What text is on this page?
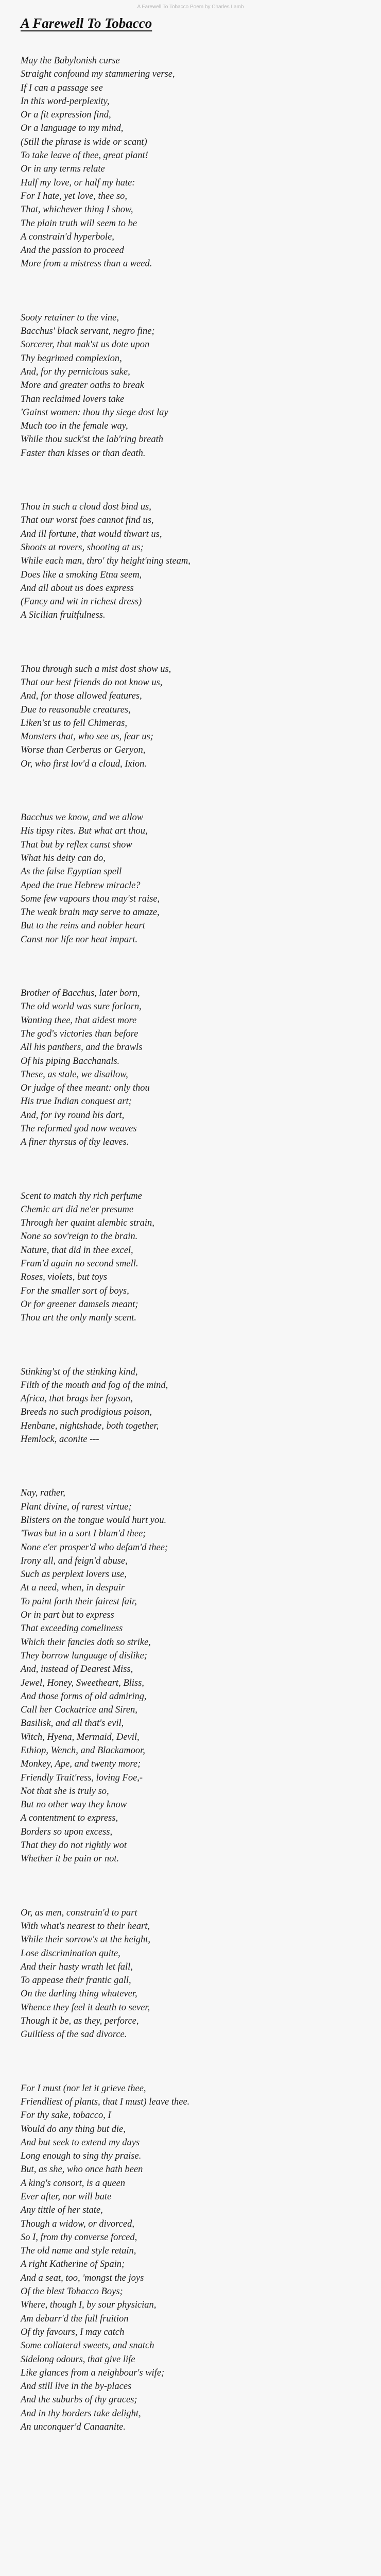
A Farewell To Tobacco Poem by Charles Lamb
A Farewell To Tobacco
May the Babylonish curse
Straight confound my stammering verse,
If I can a passage see
In this word-perplexity,
Or a fit expression find,
Or a language to my mind,
(Still the phrase is wide or scant)
To take leave of thee, great plant!
Or in any terms relate
Half my love, or half my hate:
For I hate, yet love, thee so,
That, whichever thing I show,
The plain truth will seem to be
A constrain'd hyperbole,
And the passion to proceed
More from a mistress than a weed.
Sooty retainer to the vine,
Bacchus' black servant, negro fine;
Sorcerer, that mak'st us dote upon
Thy begrimed complexion,
And, for thy pernicious sake,
More and greater oaths to break
Than reclaimed lovers take
'Gainst women: thou thy siege dost lay
Much too in the female way,
While thou suck'st the lab'ring breath
Faster than kisses or than death.
Thou in such a cloud dost bind us,
That our worst foes cannot find us,
And ill fortune, that would thwart us,
Shoots at rovers, shooting at us;
While each man, thro' thy height'ning steam,
Does like a smoking Etna seem,
And all about us does express
(Fancy and wit in richest dress)
A Sicilian fruitfulness.
Thou through such a mist dost show us,
That our best friends do not know us,
And, for those allowed features,
Due to reasonable creatures,
Liken'st us to fell Chimeras,
Monsters that, who see us, fear us;
Worse than Cerberus or Geryon,
Or, who first lov'd a cloud, Ixion.
Bacchus we know, and we allow
His tipsy rites. But what art thou,
That but by reflex canst show
What his deity can do,
As the false Egyptian spell
Aped the true Hebrew miracle?
Some few vapours thou may'st raise,
The weak brain may serve to amaze,
But to the reins and nobler heart
Canst nor life nor heat impart.
Brother of Bacchus, later born,
The old world was sure forlorn,
Wanting thee, that aidest more
The god's victories than before
All his panthers, and the brawls
Of his piping Bacchanals.
These, as stale, we disallow,
Or judge of thee meant: only thou
His true Indian conquest art;
And, for ivy round his dart,
The reformed god now weaves
A finer thyrsus of thy leaves.
Scent to match thy rich perfume
Chemic art did ne'er presume
Through her quaint alembic strain,
None so sov'reign to the brain.
Nature, that did in thee excel,
Fram'd again no second smell.
Roses, violets, but toys
For the smaller sort of boys,
Or for greener damsels meant;
Thou art the only manly scent.
Stinking'st of the stinking kind,
Filth of the mouth and fog of the mind,
Africa, that brags her foyson,
Breeds no such prodigious poison,
Henbane, nightshade, both together,
Hemlock, aconite ---
Nay, rather,
Plant divine, of rarest virtue;
Blisters on the tongue would hurt you.
'Twas but in a sort I blam'd thee;
None e'er prosper'd who defam'd thee;
Irony all, and feign'd abuse,
Such as perplext lovers use,
At a need, when, in despair
To paint forth their fairest fair,
Or in part but to express
That exceeding comeliness
Which their fancies doth so strike,
They borrow language of dislike;
And, instead of Dearest Miss,
Jewel, Honey, Sweetheart, Bliss,
And those forms of old admiring,
Call her Cockatrice and Siren,
Basilisk, and all that's evil,
Witch, Hyena, Mermaid, Devil,
Ethiop, Wench, and Blackamoor,
Monkey, Ape, and twenty more;
Friendly Trait'ress, loving Foe,-
Not that she is truly so,
But no other way they know
A contentment to express,
Borders so upon excess,
That they do not rightly wot
Whether it be pain or not.
Or, as men, constrain'd to part
With what's nearest to their heart,
While their sorrow's at the height,
Lose discrimination quite,
And their hasty wrath let fall,
To appease their frantic gall,
On the darling thing whatever,
Whence they feel it death to sever,
Though it be, as they, perforce,
Guiltless of the sad divorce.
For I must (nor let it grieve thee,
Friendliest of plants, that I must) leave thee.
For thy sake, tobacco, I
Would do any thing but die,
And but seek to extend my days
Long enough to sing thy praise.
But, as she, who once hath been
A king's consort, is a queen
Ever after, nor will bate
Any tittle of her state,
Though a widow, or divorced,
So I, from thy converse forced,
The old name and style retain,
A right Katherine of Spain;
And a seat, too, 'mongst the joys
Of the blest Tobacco Boys;
Where, though I, by sour physician,
Am debarr'd the full fruition
Of thy favours, I may catch
Some collateral sweets, and snatch
Sidelong odours, that give life
Like glances from a neighbour's wife;
And still live in the by-places
And the suburbs of thy graces;
And in thy borders take delight,
An unconquer'd Canaanite.
